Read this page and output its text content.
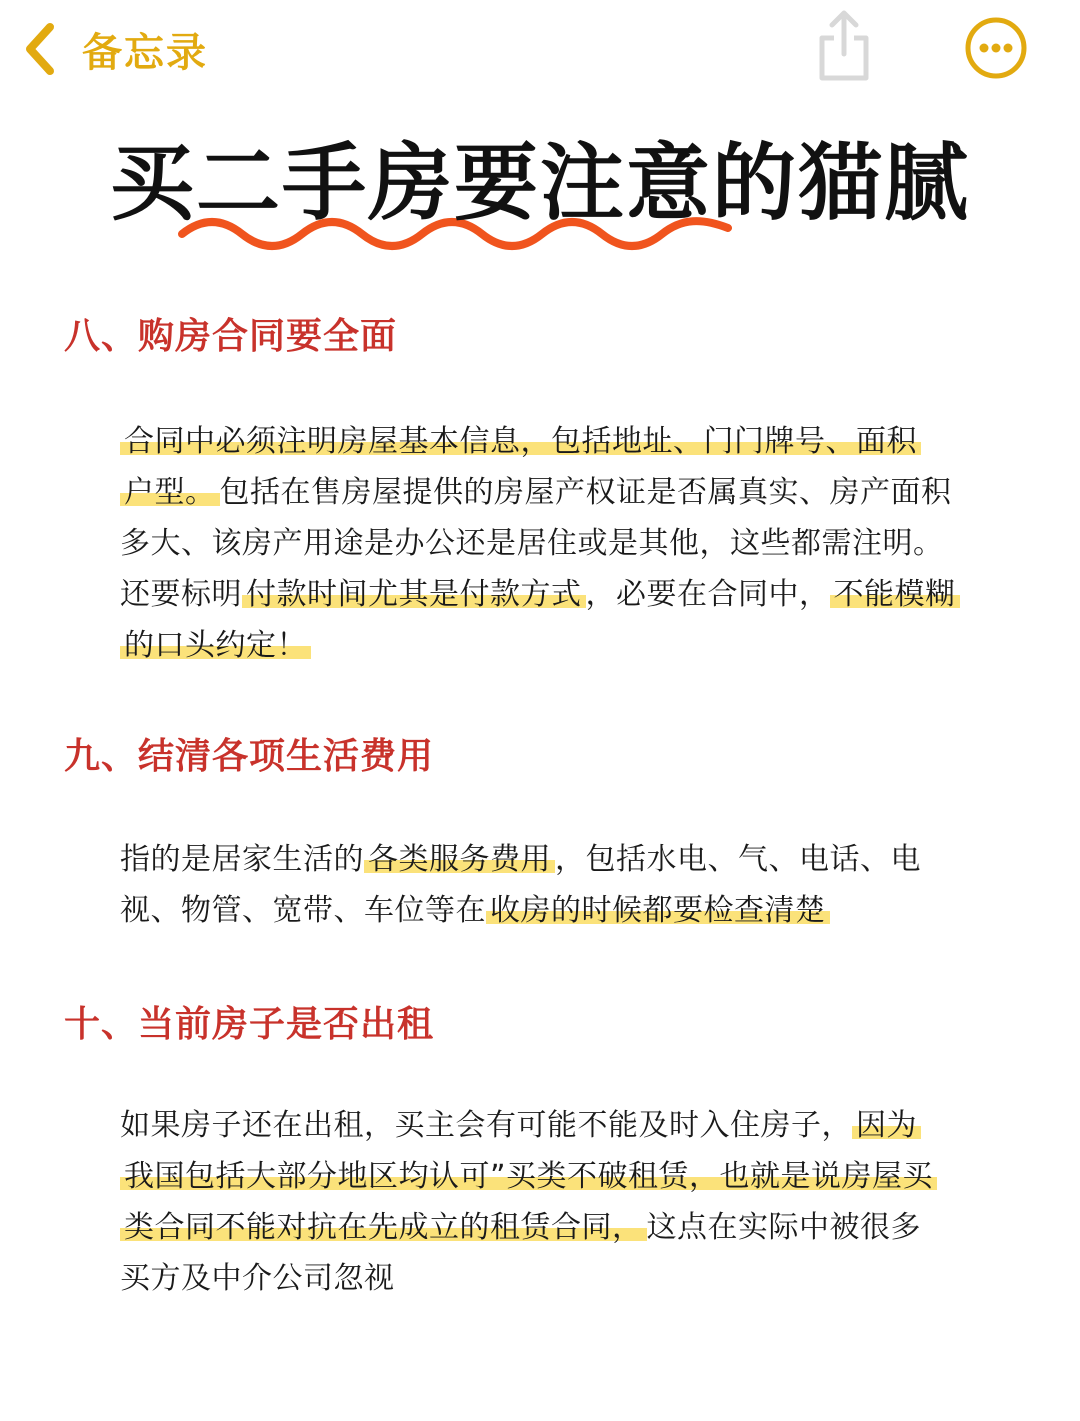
备忘录
买二手房要注意的猫腻
八、购房合同要全面
合同中必须注明房屋基本信息，包括地址、门门牌号、面积
户型。 包括在售房屋提供的房屋产权证是否属真实、房产面积
多大、该房产用途是办公还是居住或是其他，这些都需注明。
还要标明 付款时间尤其是付款方式 ，必要在合同中， 不能模糊
的口头约定！
九、结清各项生活费用
指的是居家生活的 各类服务费用 ，包括水电、气、电话、电
视、物管、宽带、车位等在 收房的时候都要检查清楚
十、当前房子是否出租
如果房子还在出租，买主会有可能不能及时入住房子， 因为
我国包括大部分地区均认可”买类不破租赁，也就是说房屋买
类合同不能对抗在先成立的租赁合同， 这点在实际中被很多
买方及中介公司忽视
